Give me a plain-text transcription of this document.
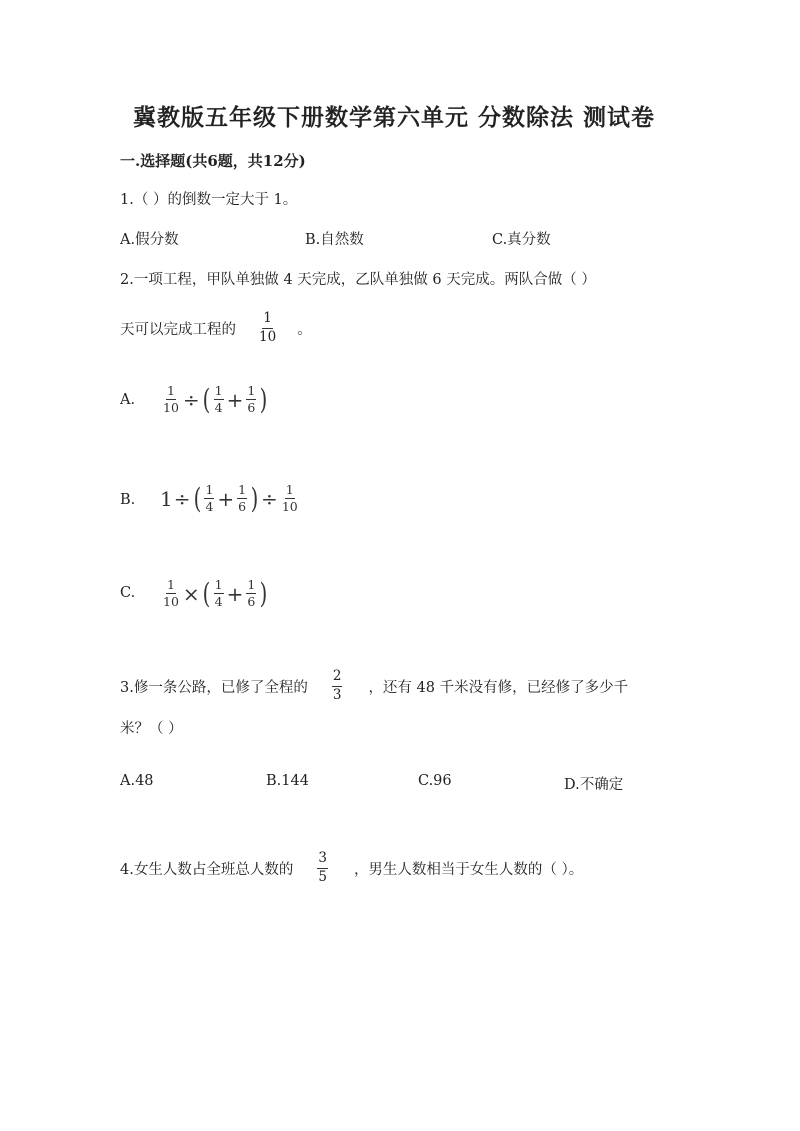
冀教版五年级下册数学第六单元 分数除法 测试卷
一.选择题(共6题，共12分)
1.（ ）的倒数一定大于 1。
A.假分数	B.自然数	C.真分数
2.一项工程，甲队单独做 4 天完成，乙队单独做 6 天完成。两队合做（ ）
天可以完成工程的 $\frac{1}{10}$ 。
A. $\frac{1}{10}$ ÷ ( $\frac{1}{4} + \frac{1}{6}$ )
B. 1 ÷ ( $\frac{1}{4} + \frac{1}{6}$ ) ÷ $\frac{1}{10}$
C. $\frac{1}{10}$ × ( $\frac{1}{4} + \frac{1}{6}$ )
3.修一条公路，已修了全程的 $\frac{2}{3}$ ，还有 48 千米没有修，已经修了多少千
米？（ ）
A.48	B.144	C.96	D.不确定
4.女生人数占全班总人数的 $\frac{3}{5}$ ，男生人数相当于女生人数的（ ）。
